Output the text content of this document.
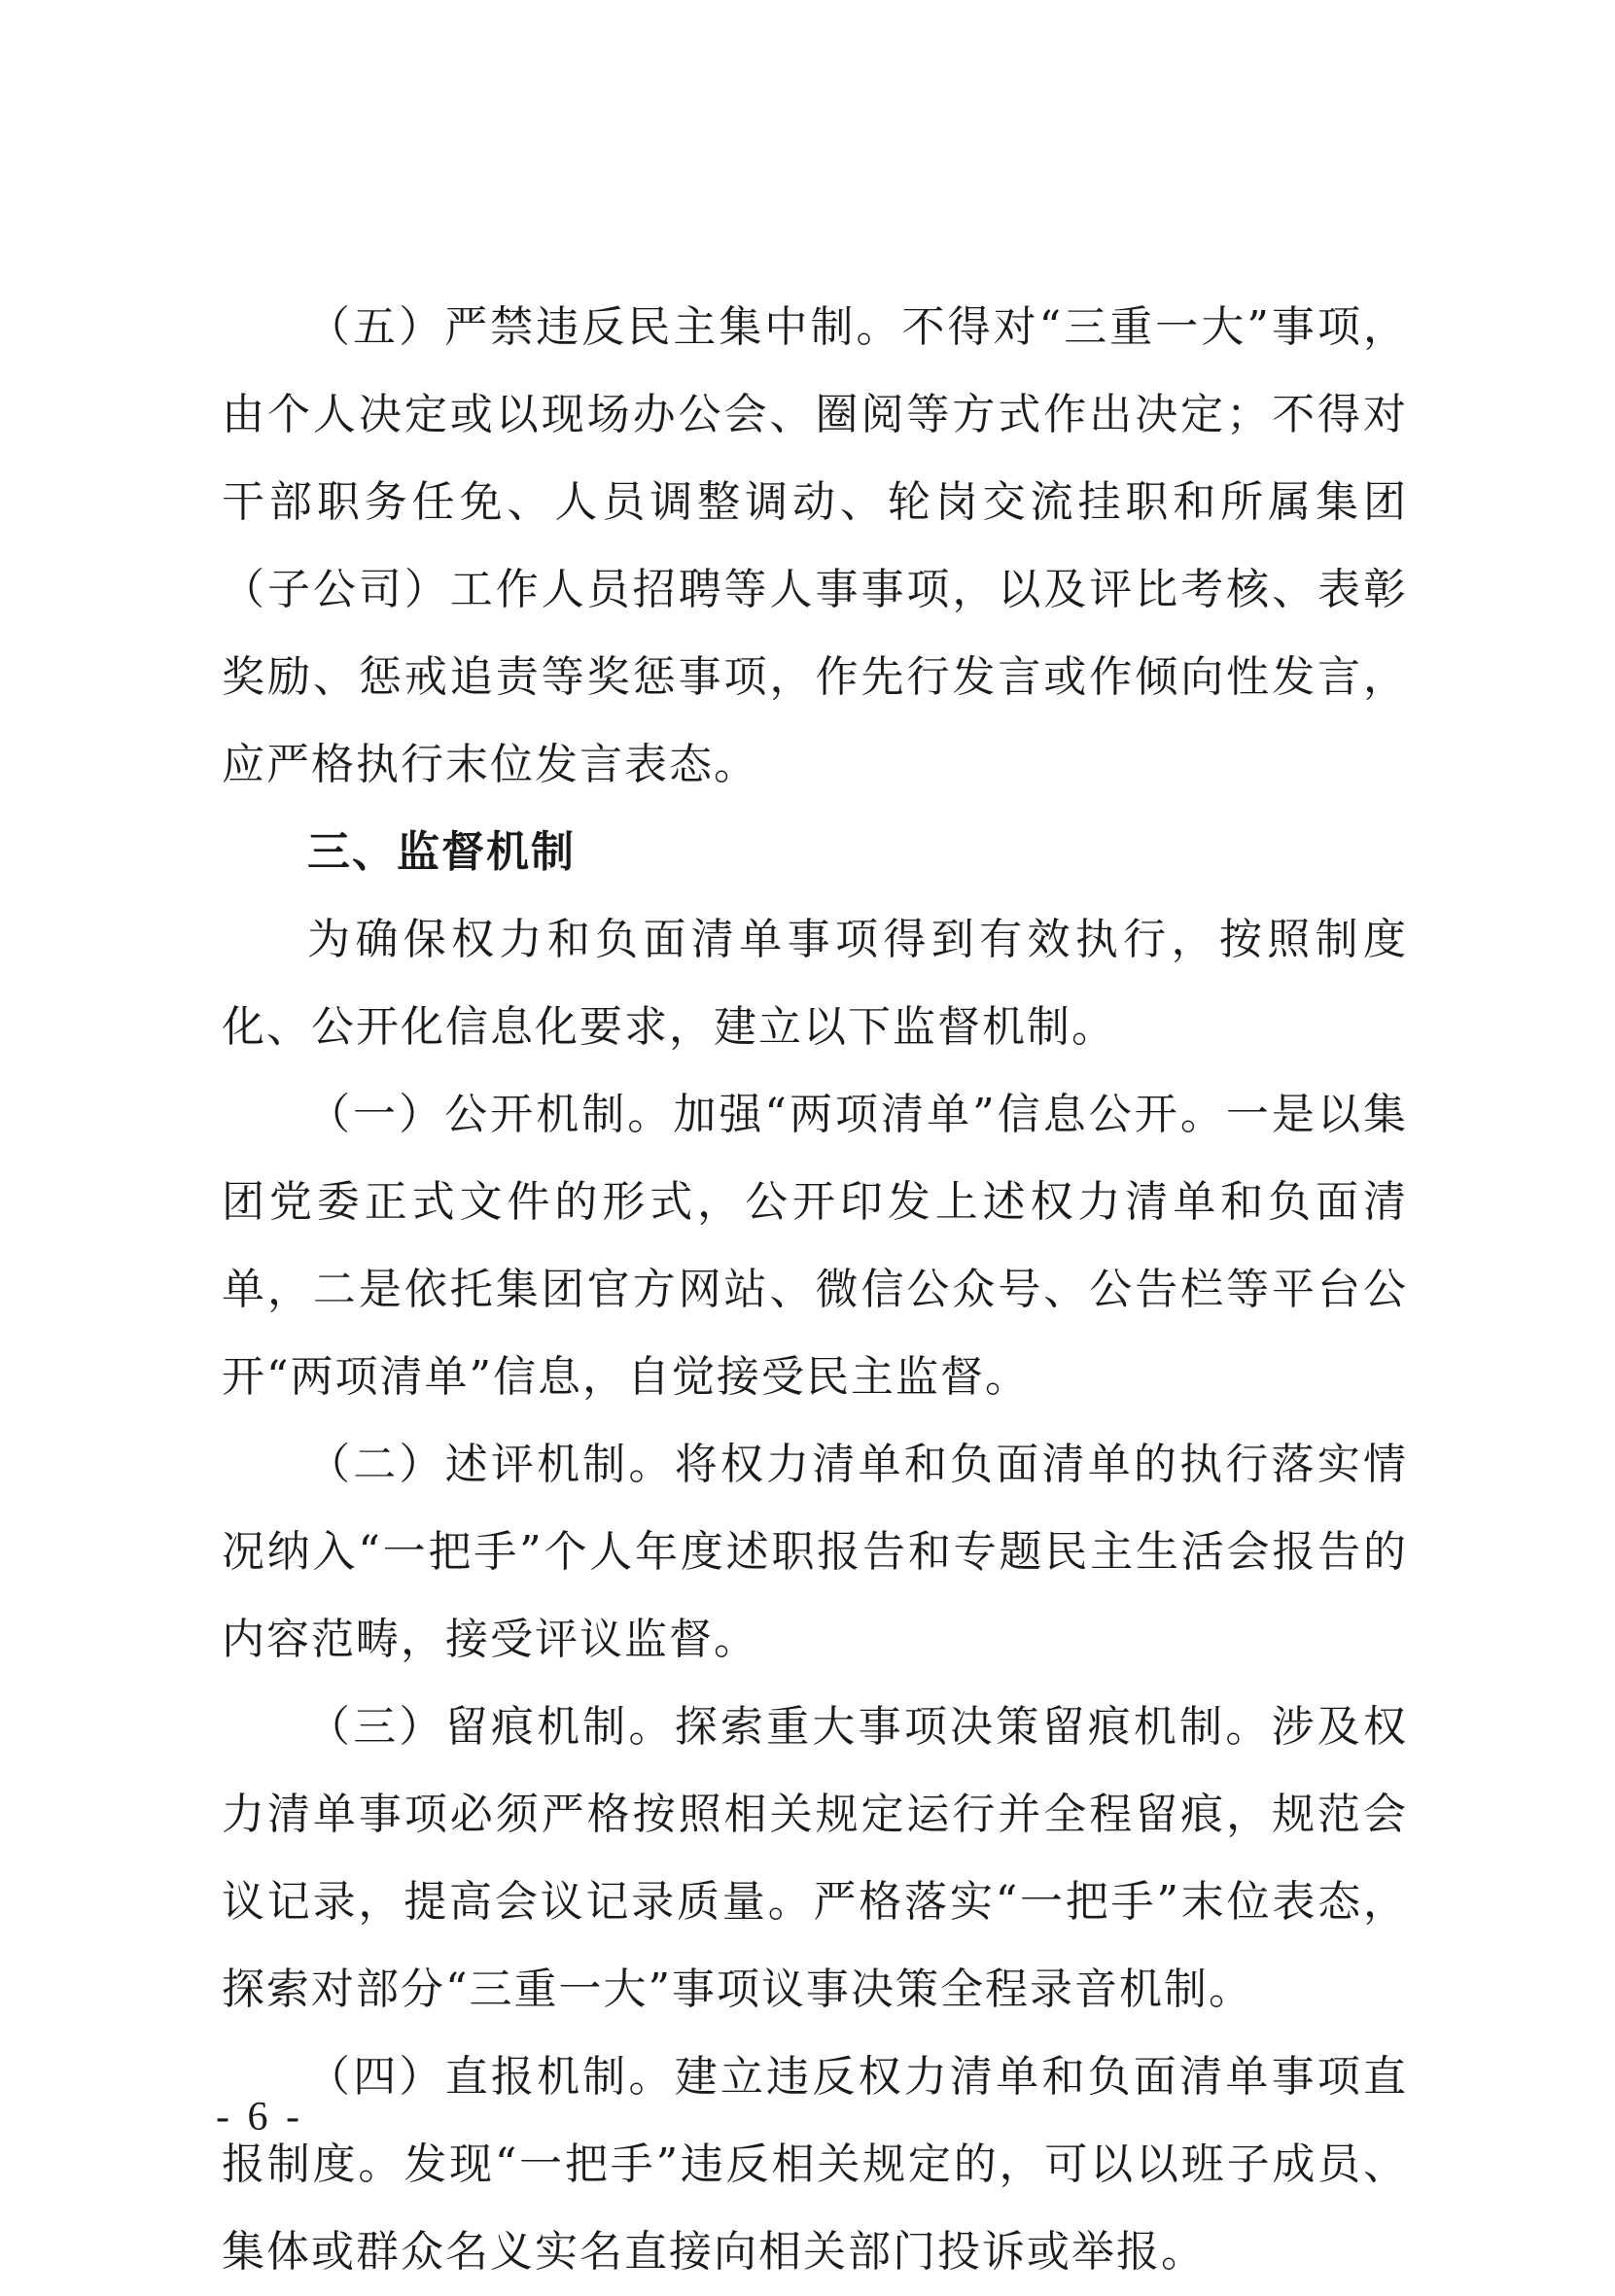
（五）严禁违反民主集中制。不得对“三重一大”事项，由个人决定或以现场办公会、圈阅等方式作出决定；不得对干部职务任免、人员调整调动、轮岗交流挂职和所属集团（子公司）工作人员招聘等人事事项，以及评比考核、表彰奖励、惩戒追责等奖惩事项，作先行发言或作倾向性发言，应严格执行末位发言表态。

三、监督机制

为确保权力和负面清单事项得到有效执行，按照制度化、公开化信息化要求，建立以下监督机制。

（一）公开机制。加强“两项清单”信息公开。一是以集团党委正式文件的形式，公开印发上述权力清单和负面清单，二是依托集团官方网站、微信公众号、公告栏等平台公开“两项清单”信息，自觉接受民主监督。

（二）述评机制。将权力清单和负面清单的执行落实情况纳入“一把手”个人年度述职报告和专题民主生活会报告的内容范畴，接受评议监督。

（三）留痕机制。探索重大事项决策留痕机制。涉及权力清单事项必须严格按照相关规定运行并全程留痕，规范会议记录，提高会议记录质量。严格落实“一把手”末位表态，探索对部分“三重一大”事项议事决策全程录音机制。

（四）直报机制。建立违反权力清单和负面清单事项直报制度。发现“一把手”违反相关规定的，可以以班子成员、集体或群众名义实名直接向相关部门投诉或举报。

- 6 -
